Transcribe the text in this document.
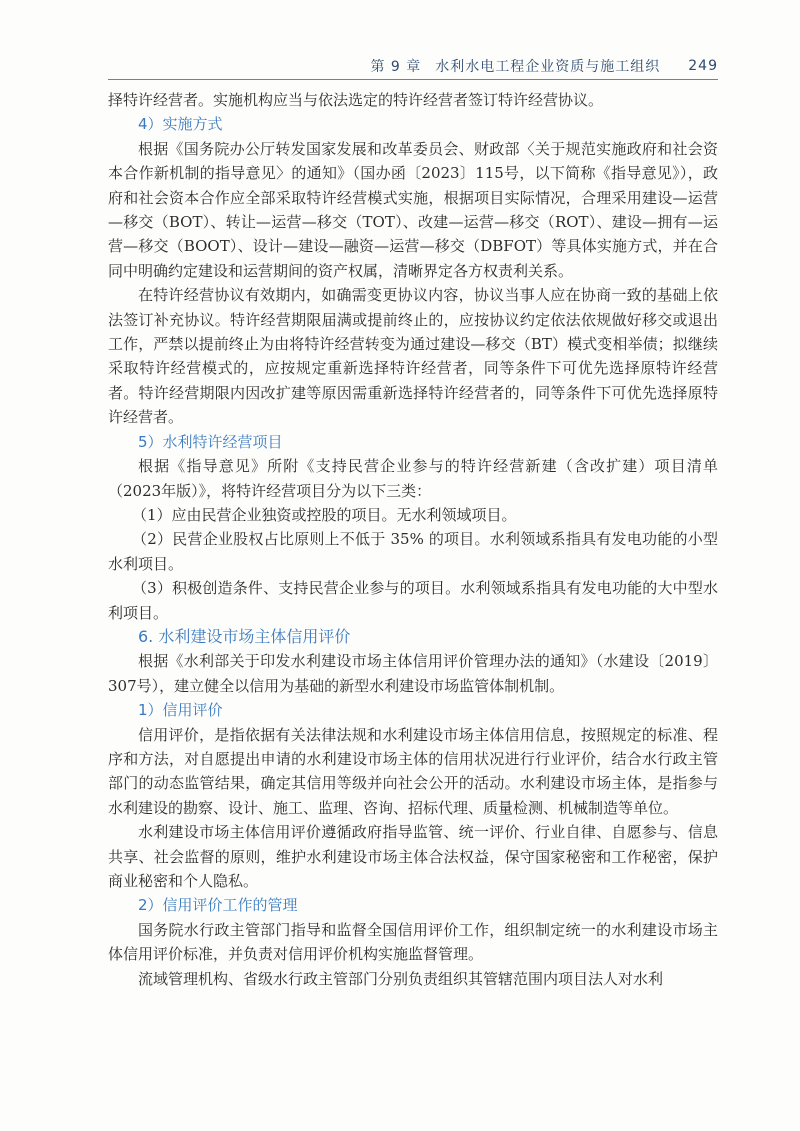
第 9 章 水利水电工程企业资质与施工组织 249

择特许经营者。实施机构应当与依法选定的特许经营者签订特许经营协议。

4）实施方式

根据《国务院办公厅转发国家发展和改革委员会、财政部〈关于规范实施政府和社会资本合作新机制的指导意见〉的通知》（国办函〔2023〕115号，以下简称《指导意见》），政府和社会资本合作应全部采取特许经营模式实施，根据项目实际情况，合理采用建设—运营—移交（BOT）、转让—运营—移交（TOT）、改建—运营—移交（ROT）、建设—拥有—运营—移交（BOOT）、设计—建设—融资—运营—移交（DBFOT）等具体实施方式，并在合同中明确约定建设和运营期间的资产权属，清晰界定各方权责利关系。

在特许经营协议有效期内，如确需变更协议内容，协议当事人应在协商一致的基础上依法签订补充协议。特许经营期限届满或提前终止的，应按协议约定依法依规做好移交或退出工作，严禁以提前终止为由将特许经营转变为通过建设—移交（BT）模式变相举债；拟继续采取特许经营模式的，应按规定重新选择特许经营者，同等条件下可优先选择原特许经营者。特许经营期限内因改扩建等原因需重新选择特许经营者的，同等条件下可优先选择原特许经营者。

5）水利特许经营项目

根据《指导意见》所附《支持民营企业参与的特许经营新建（含改扩建）项目清单（2023年版）》，将特许经营项目分为以下三类：

（1）应由民营企业独资或控股的项目。无水利领域项目。

（2）民营企业股权占比原则上不低于 35% 的项目。水利领域系指具有发电功能的小型水利项目。

（3）积极创造条件、支持民营企业参与的项目。水利领域系指具有发电功能的大中型水利项目。

6. 水利建设市场主体信用评价

根据《水利部关于印发水利建设市场主体信用评价管理办法的通知》（水建设〔2019〕307号），建立健全以信用为基础的新型水利建设市场监管体制机制。

1）信用评价

信用评价，是指依据有关法律法规和水利建设市场主体信用信息，按照规定的标准、程序和方法，对自愿提出申请的水利建设市场主体的信用状况进行行业评价，结合水行政主管部门的动态监管结果，确定其信用等级并向社会公开的活动。水利建设市场主体，是指参与水利建设的勘察、设计、施工、监理、咨询、招标代理、质量检测、机械制造等单位。

水利建设市场主体信用评价遵循政府指导监管、统一评价、行业自律、自愿参与、信息共享、社会监督的原则，维护水利建设市场主体合法权益，保守国家秘密和工作秘密，保护商业秘密和个人隐私。

2）信用评价工作的管理

国务院水行政主管部门指导和监督全国信用评价工作，组织制定统一的水利建设市场主体信用评价标准，并负责对信用评价机构实施监督管理。

流域管理机构、省级水行政主管部门分别负责组织其管辖范围内项目法人对水利
